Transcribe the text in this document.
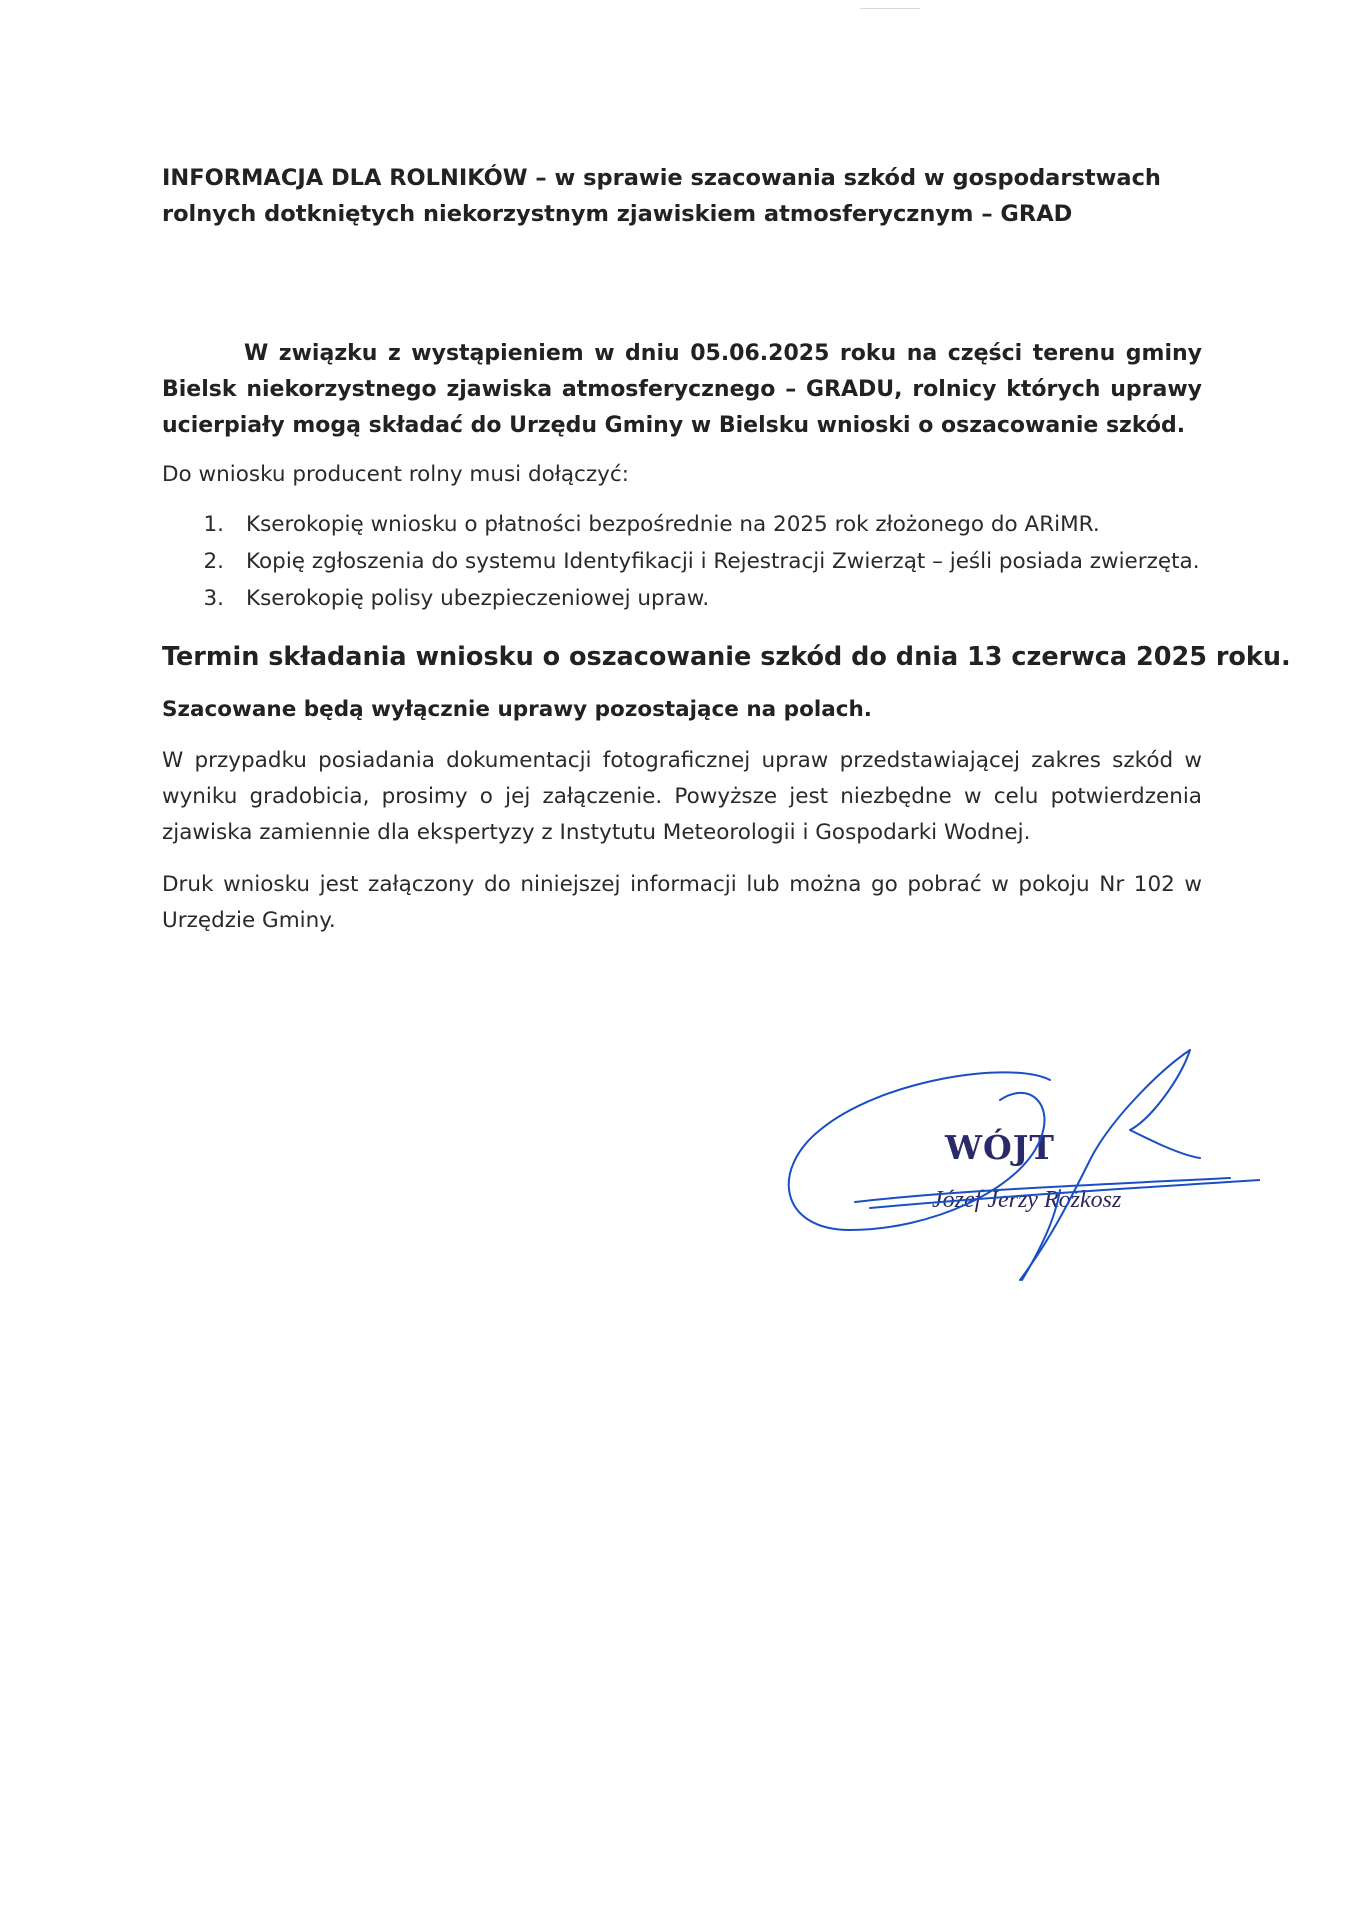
INFORMACJA DLA ROLNIKÓW – w sprawie szacowania szkód w gospodarstwach rolnych dotkniętych niekorzystnym zjawiskiem atmosferycznym – GRAD

W związku z wystąpieniem w dniu 05.06.2025 roku na części terenu gminy Bielsk niekorzystnego zjawiska atmosferycznego – GRADU, rolnicy których uprawy ucierpiały mogą składać do Urzędu Gminy w Bielsku wnioski o oszacowanie szkód.
Do wniosku producent rolny musi dołączyć:
1.	Kserokopię wniosku o płatności bezpośrednie na 2025 rok złożonego do ARiMR.
2.	Kopię zgłoszenia do systemu Identyfikacji i Rejestracji Zwierząt – jeśli posiada zwierzęta.
3.	Kserokopię polisy ubezpieczeniowej upraw.
Termin składania wniosku o oszacowanie szkód do dnia 13 czerwca 2025 roku.
Szacowane będą wyłącznie uprawy pozostające na polach.
W przypadku posiadania dokumentacji fotograficznej upraw przedstawiającej zakres szkód w wyniku gradobicia, prosimy o jej załączenie. Powyższe jest niezbędne w celu potwierdzenia zjawiska zamiennie dla ekspertyzy z Instytutu Meteorologii i Gospodarki Wodnej.
Druk wniosku jest załączony do niniejszej informacji lub można go pobrać w pokoju Nr 102 w Urzędzie Gminy.
WÓJT
Józef Jerzy Rożkosz
